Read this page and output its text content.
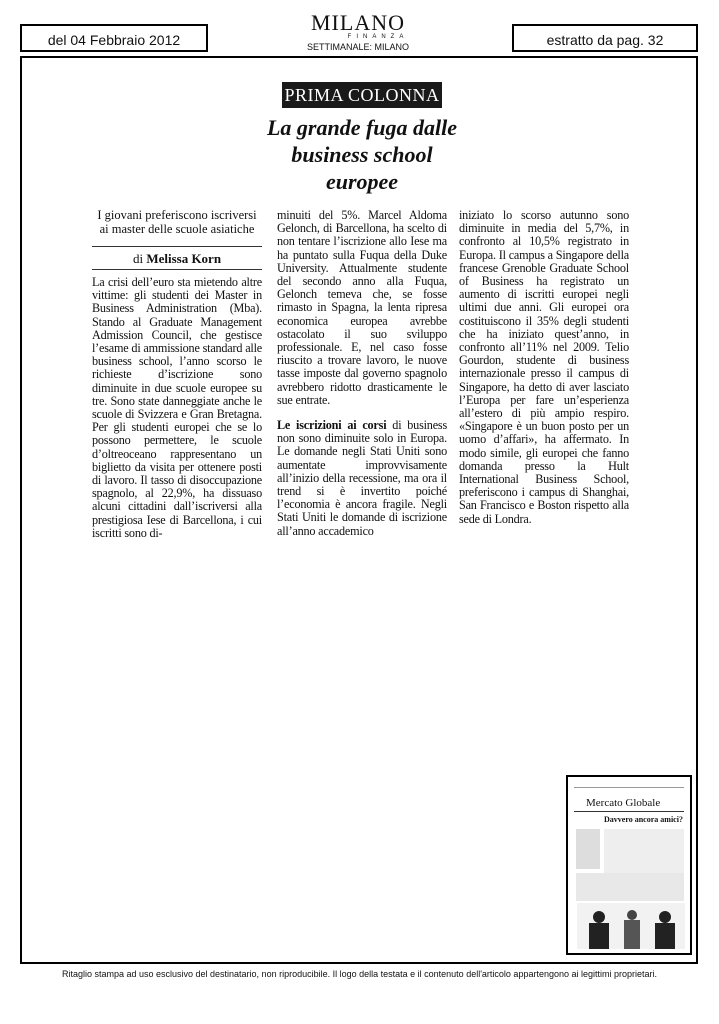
del 04 Febbraio 2012
MILANO
FINANZA
SETTIMANALE: MILANO	estratto da pag. 32
PRIMA COLONNA
La grande fuga dalle business school europee
I giovani preferiscono iscriversi ai master delle scuole asiatiche
di Melissa Korn

La crisi dell’euro sta mietendo altre vittime: gli studenti dei Master in Business Administration (Mba). Stando al Graduate Management Admission Council, che gestisce l’esame di ammissione standard alle business school, l’anno scorso le richieste d’iscrizione sono diminuite in due scuole europee su tre. Sono state danneggiate anche le scuole di Svizzera e Gran Bretagna. Per gli studenti europei che se lo possono permettere, le scuole d’oltreoceano rappresentano un biglietto da visita per ottenere posti di lavoro. Il tasso di disoccupazione spagnolo, al 22,9%, ha dissuaso alcuni cittadini dall’iscriversi alla prestigiosa Iese di Barcellona, i cui iscritti sono di-

minuiti del 5%. Marcel Aldoma Gelonch, di Barcellona, ha scelto di non tentare l’iscrizione allo Iese ma ha puntato sulla Fuqua della Duke University. Attualmente studente del secondo anno alla Fuqua, Gelonch temeva che, se fosse rimasto in Spagna, la lenta ripresa economica europea avrebbe ostacolato il suo sviluppo professionale. E, nel caso fosse riuscito a trovare lavoro, le nuove tasse imposte dal governo spagnolo avrebbero ridotto drasticamente le sue entrate.

Le iscrizioni ai corsi di business non sono diminuite solo in Europa. Le domande negli Stati Uniti sono aumentate improvvisamente all’inizio della recessione, ma ora il trend si è invertito poiché l’economia è ancora fragile. Negli Stati Uniti le domande di iscrizione all’anno accademico

iniziato lo scorso autunno sono diminuite in media del 5,7%, in confronto al 10,5% registrato in Europa. Il campus a Singapore della francese Grenoble Graduate School of Business ha registrato un aumento di iscritti europei negli ultimi due anni. Gli europei ora costituiscono il 35% degli studenti che ha iniziato quest’anno, in confronto all’11% nel 2009. Telio Gourdon, studente di business internazionale presso il campus di Singapore, ha detto di aver lasciato l’Europa per fare un’esperienza all’estero di più ampio respiro. «Singapore è un buon posto per un uomo d’affari», ha affermato. In modo simile, gli europei che fanno domanda presso la Hult International Business School, preferiscono i campus di Shanghai, San Francisco e Boston rispetto alla sede di Londra.

Mercato Globale
Davvero ancora amici?
Ritaglio stampa ad uso esclusivo del destinatario, non riproducibile. Il logo della testata e il contenuto dell'articolo appartengono ai legittimi proprietari.
